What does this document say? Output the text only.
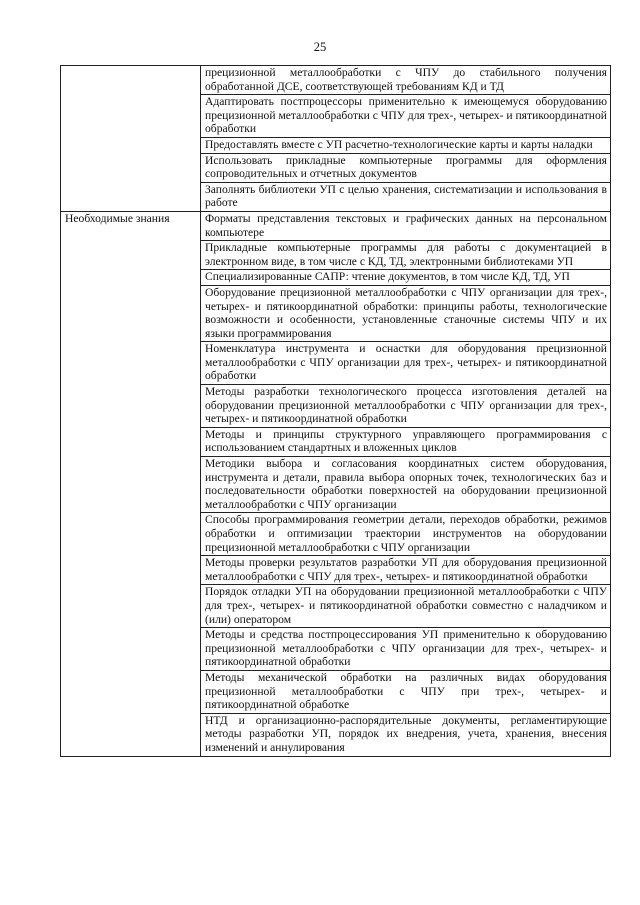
25
	прецизионной металлообработки с ЧПУ до стабильного получения обработанной ДСЕ, соответствующей требованиям КД и ТД
	Адаптировать постпроцессоры применительно к имеющемуся оборудованию прецизионной металлообработки с ЧПУ для трех-, четырех- и пятикоординатной обработки
	Предоставлять вместе с УП расчетно-технологические карты и карты наладки
	Использовать прикладные компьютерные программы для оформления сопроводительных и отчетных документов
	Заполнять библиотеки УП с целью хранения, систематизации и использования в работе
Необходимые знания	Форматы представления текстовых и графических данных на персональном компьютере
	Прикладные компьютерные программы для работы с документацией в электронном виде, в том числе с КД, ТД, электронными библиотеками УП
	Специализированные САПР: чтение документов, в том числе КД, ТД, УП
	Оборудование прецизионной металлообработки с ЧПУ организации для трех-, четырех- и пятикоординатной обработки: принципы работы, технологические возможности и особенности, установленные станочные системы ЧПУ и их языки программирования
	Номенклатура инструмента и оснастки для оборудования прецизионной металлообработки с ЧПУ организации для трех-, четырех- и пятикоординатной обработки
	Методы разработки технологического процесса изготовления деталей на оборудовании прецизионной металлообработки с ЧПУ организации для трех-, четырех- и пятикоординатной обработки
	Методы и принципы структурного управляющего программирования с использованием стандартных и вложенных циклов
	Методики выбора и согласования координатных систем оборудования, инструмента и детали, правила выбора опорных точек, технологических баз и последовательности обработки поверхностей на оборудовании прецизионной металлообработки с ЧПУ организации
	Способы программирования геометрии детали, переходов обработки, режимов обработки и оптимизации траектории инструментов на оборудовании прецизионной металлообработки с ЧПУ организации
	Методы проверки результатов разработки УП для оборудования прецизионной металлообработки с ЧПУ для трех-, четырех- и пятикоординатной обработки
	Порядок отладки УП на оборудовании прецизионной металлообработки с ЧПУ для трех-, четырех- и пятикоординатной обработки совместно с наладчиком и (или) оператором
	Методы и средства постпроцессирования УП применительно к оборудованию прецизионной металлообработки с ЧПУ организации для трех-, четырех- и пятикоординатной обработки
	Методы механической обработки на различных видах оборудования прецизионной металлообработки с ЧПУ при трех-, четырех- и пятикоординатной обработке
	НТД и организационно-распорядительные документы, регламентирующие методы разработки УП, порядок их внедрения, учета, хранения, внесения изменений и аннулирования
